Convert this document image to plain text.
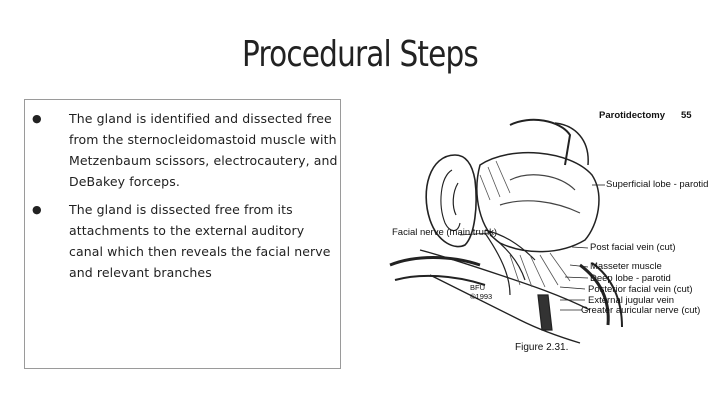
Procedural Steps
● The gland is identified and dissected free from the sternocleidomastoid muscle with Metzenbaum scissors, electrocautery, and DeBakey forceps.
● The gland is dissected free from its attachments to the external auditory canal which then reveals the facial nerve and relevant branches
Parotidectomy 55
Facial nerve (main trunk)
Superficial lobe - parotid
Post facial vein (cut)
Masseter muscle
Deep lobe - parotid
Posterior facial vein (cut)
External jugular vein
Greater auricular nerve (cut)
BFU
©1993
Figure 2.31.
